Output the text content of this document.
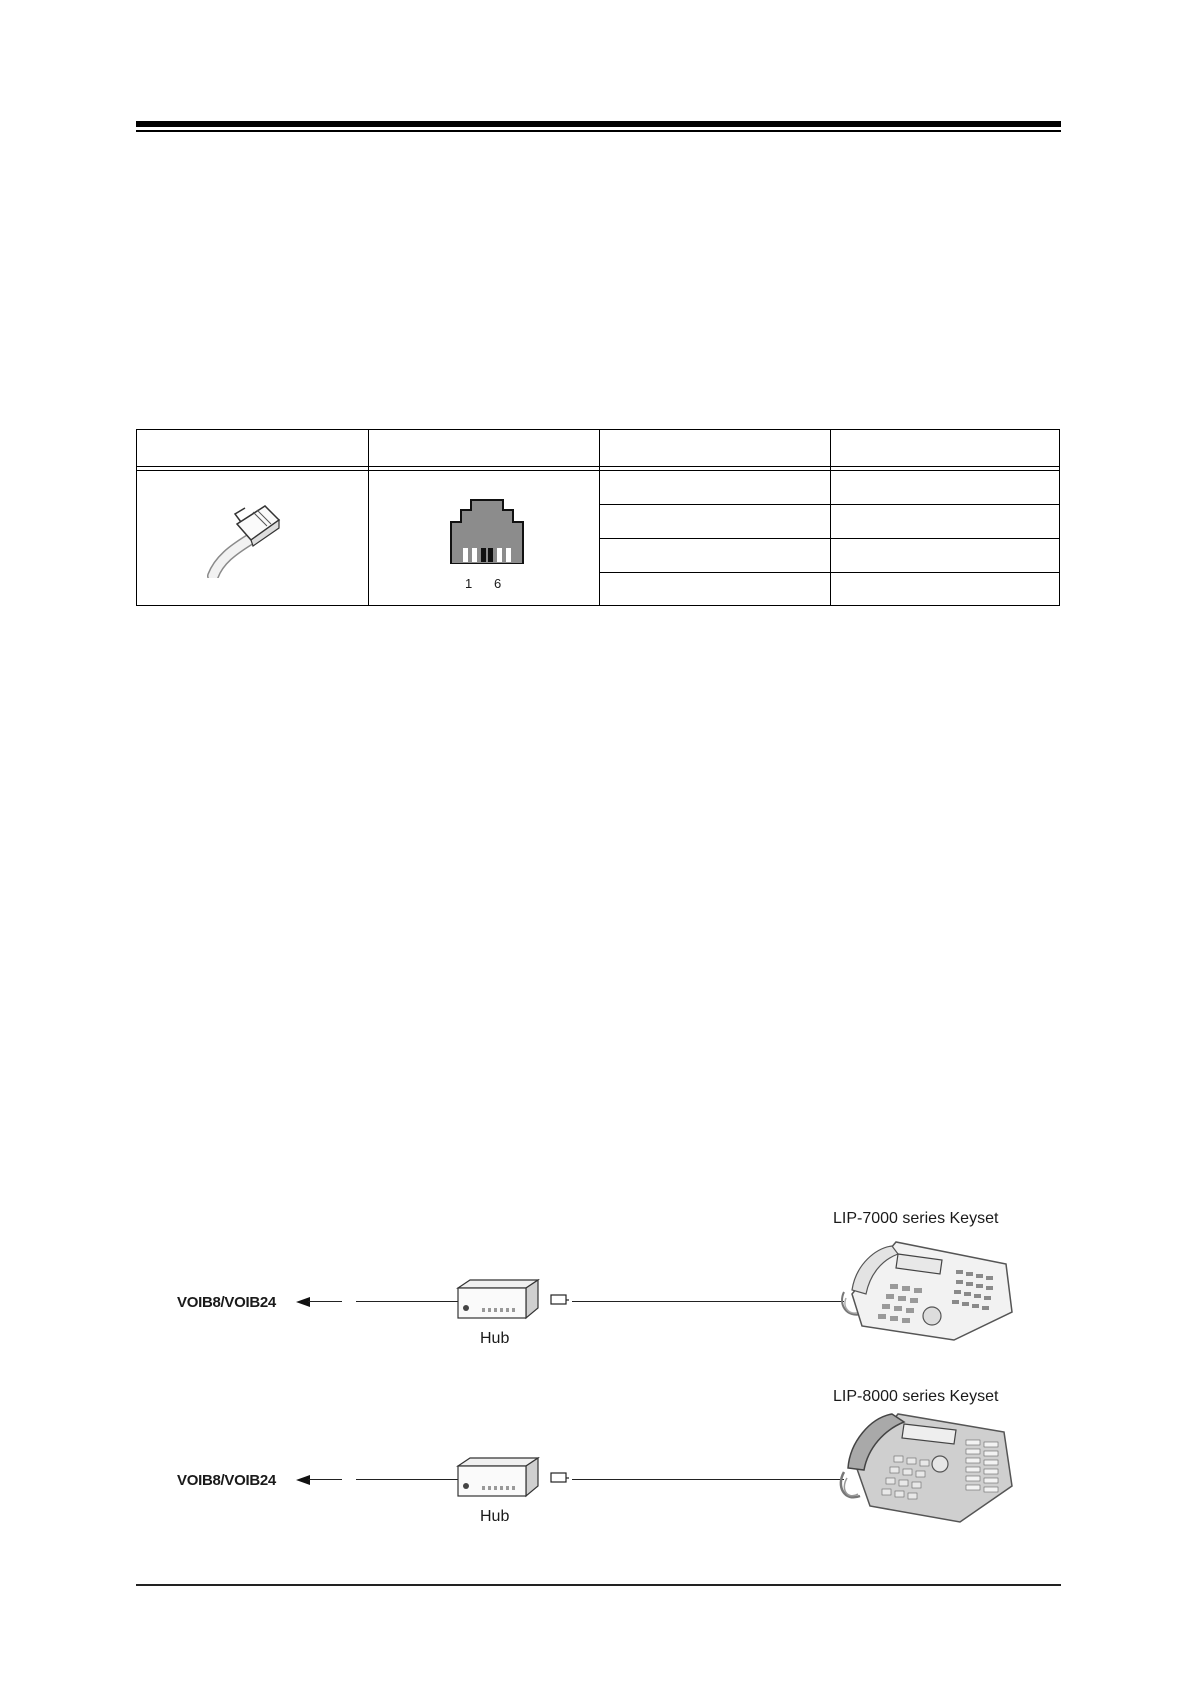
1 6
LIP-7000 series Keyset
VOIB8/VOIB24
Hub
LIP-8000 series Keyset
VOIB8/VOIB24
Hub
